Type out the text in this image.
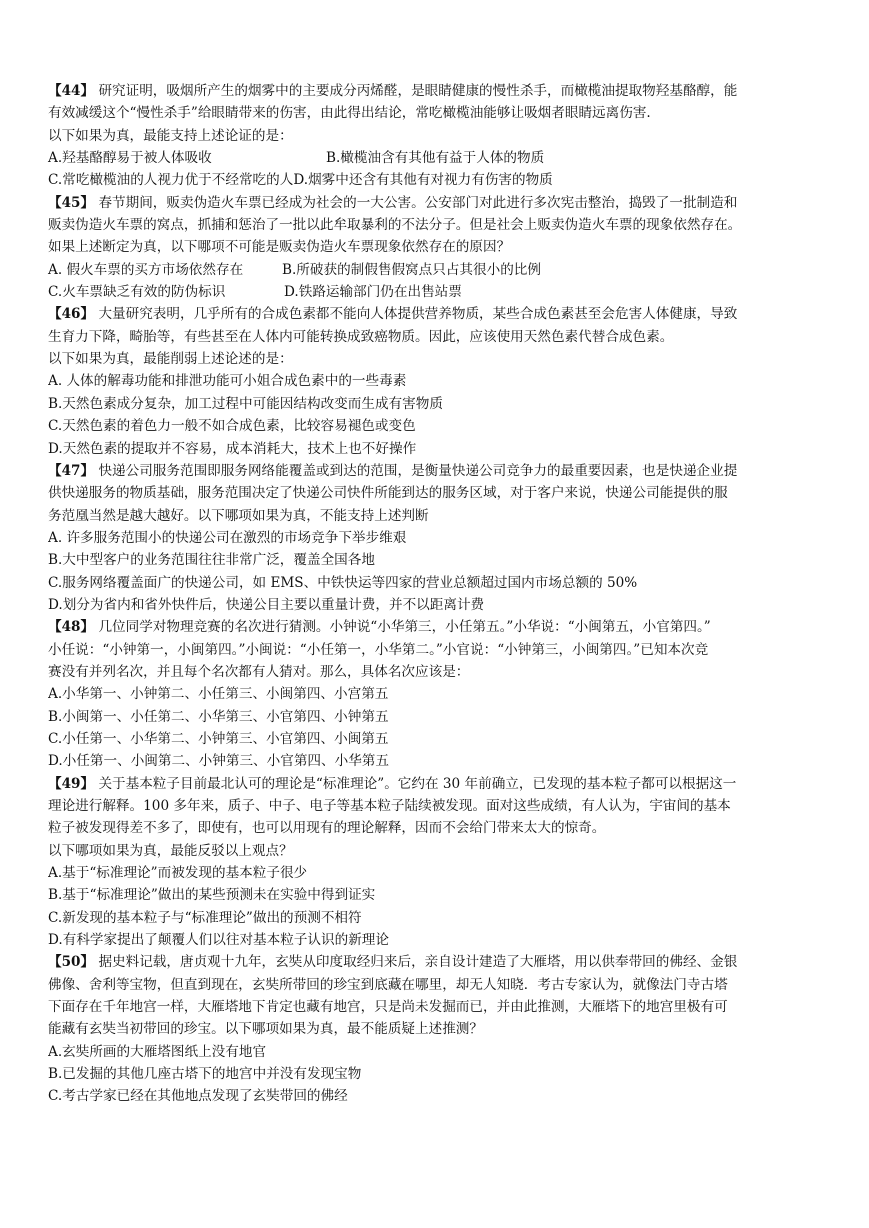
【44】 研究证明，吸烟所产生的烟雾中的主要成分丙烯醛，是眼睛健康的慢性杀手，而橄榄油提取物羟基酪醇，能
有效减缓这个“慢性杀手”给眼睛带来的伤害，由此得出结论，常吃橄榄油能够让吸烟者眼睛远离伤害.
以下如果为真，最能支持上述论证的是：
A.羟基酪醇易于被人体吸收	B.橄榄油含有其他有益于人体的物质
C.常吃橄榄油的人视力优于不经常吃的人 D.烟雾中还含有其他有对视力有伤害的物质
【45】 春节期间，贩卖伪造火车票已经成为社会的一大公害。公安部门对此进行多次宪击整治，捣毁了一批制造和
贩卖伪造火车票的窝点，抓捕和惩治了一批以此牟取暴利的不法分子。但是社会上贩卖伪造火车票的现象依然存在。
如果上述断定为真，以下哪项不可能是贩卖伪造火车票现象依然存在的原因？
A. 假火车票的买方市场依然存在	B.所破获的制假售假窝点只占其很小的比例
C.火车票缺乏有效的防伪标识	D.铁路运输部门仍在出售站票
【46】 大量研究表明，几乎所有的合成色素都不能向人体提供营养物质，某些合成色素甚至会危害人体健康，导致
生育力下降，畸胎等，有些甚至在人体内可能转换成致癌物质。因此，应该使用天然色素代替合成色素。
以下如果为真，最能削弱上述论述的是：
A. 人体的解毒功能和排泄功能可小姐合成色素中的一些毒素
B.天然色素成分复杂，加工过程中可能因结构改变而生成有害物质
C.天然色素的着色力一般不如合成色素，比较容易褪色或变色
D.天然色素的提取并不容易，成本消耗大，技术上也不好操作
【47】 快递公司服务范围即服务网络能覆盖或到达的范围，是衡量快递公司竞争力的最重要因素，也是快递企业提
供快递服务的物质基础，服务范围决定了快递公司快件所能到达的服务区域，对于客户来说，快递公司能提供的服
务范凰当然是越大越好。以下哪项如果为真，不能支持上述判断
A. 许多服务范围小的快递公司在激烈的市场竞争下举步维艰
B.大中型客户的业务范围往往非常广泛，覆盖全国各地
C.服务网络覆盖面广的快递公司，如 EMS、中铁快运等四家的营业总额超过国内市场总额的 50%
D.划分为省内和省外快件后，快递公目主要以重量计费，并不以距离计费
【48】 几位同学对物理竞赛的名次进行猜测。小钟说“小华第三，小任第五。”小华说：“小闽第五，小官第四。”
小任说：“小钟第一，小闽第四。”小闽说：“小任第一，小华第二。”小官说：“小钟第三，小闽第四。”已知本次竞
赛没有并列名次，并且每个名次都有人猜对。那么，具体名次应该是：
A.小华第一、小钟第二、小任第三、小闽第四、小宫第五
B.小闽第一、小任第二、小华第三、小官第四、小钟第五
C.小任第一、小华第二、小钟第三、小官第四、小闽第五
D.小任第一、小闽第二、小钟第三、小官第四、小华第五
【49】 关于基本粒子目前最北认可的理论是“标准理论”。它约在 30 年前确立，已发现的基本粒子都可以根据这一
理论进行解释。100 多年来，质子、中子、电子等基本粒子陆续被发现。面对这些成绩，有人认为，宇宙间的基本
粒子被发现得差不多了，即使有，也可以用现有的理论解释，因而不会给门带来太大的惊奇。
以下哪项如果为真，最能反驳以上观点？
A.基于“标准理论”而被发现的基本粒子很少
B.基于“标准理论”做出的某些预测未在实验中得到证实
C.新发现的基本粒子与“标准理论”做出的预测不相符
D.有科学家提出了颠覆人们以往对基本粒子认识的新理论
【50】 据史料记载，唐贞观十九年，玄奘从印度取经归来后，亲自设计建造了大雁塔，用以供奉带回的佛经、金银
佛像、舍利等宝物，但直到现在，玄奘所带回的珍宝到底藏在哪里，却无人知晓．考古专家认为，就像法门寺古塔
下面存在千年地宫一样，大雁塔地下肯定也藏有地宫，只是尚未发掘而已，并由此推测，大雁塔下的地宫里极有可
能藏有玄奘当初带回的珍宝。以下哪项如果为真，最不能质疑上述推测？
A.玄奘所画的大雁塔图纸上没有地官
B.已发掘的其他几座古塔下的地宫中并没有发现宝物
C.考古学家已经在其他地点发现了玄奘带回的佛经
